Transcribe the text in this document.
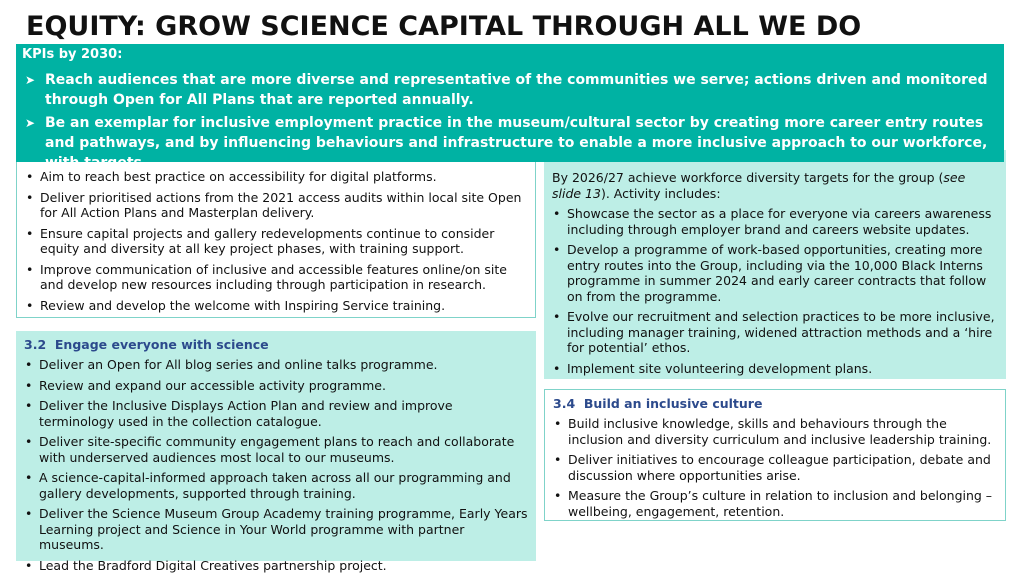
EQUITY: GROW SCIENCE CAPITAL THROUGH ALL WE DO
• Aim to reach best practice on accessibility for digital platforms.
• Deliver prioritised actions from the 2021 access audits within local site Open for All Action Plans and Masterplan delivery.
• Ensure capital projects and gallery redevelopments continue to consider equity and diversity at all key project phases, with training support.
• Improve communication of inclusive and accessible features online/on site and develop new resources including through participation in research.
• Review and develop the welcome with Inspiring Service training.
3.2 Engage everyone with science
• Deliver an Open for All blog series and online talks programme.
• Review and expand our accessible activity programme.
• Deliver the Inclusive Displays Action Plan and review and improve terminology used in the collection catalogue.
• Deliver site-specific community engagement plans to reach and collaborate with underserved audiences most local to our museums.
• A science-capital-informed approach taken across all our programming and gallery developments, supported through training.
• Deliver the Science Museum Group Academy training programme, Early Years Learning project and Science in Your World programme with partner museums.
• Lead the Bradford Digital Creatives partnership project.

By 2026/27 achieve workforce diversity targets for the group (see slide 13). Activity includes:

• Showcase the sector as a place for everyone via careers awareness including through employer brand and careers website updates.
• Develop a programme of work-based opportunities, creating more entry routes into the Group, including via the 10,000 Black Interns programme in summer 2024 and early career contracts that follow on from the programme.
• Evolve our recruitment and selection practices to be more inclusive, including manager training, widened attraction methods and a ‘hire for potential’ ethos.
• Implement site volunteering development plans.
3.4 Build an inclusive culture
• Build inclusive knowledge, skills and behaviours through the inclusion and diversity curriculum and inclusive leadership training.
• Deliver initiatives to encourage colleague participation, debate and discussion where opportunities arise.
• Measure the Group’s culture in relation to inclusion and belonging – wellbeing, engagement, retention.
KPIs by 2030:
➤ Reach audiences that are more diverse and representative of the communities we serve; actions driven and monitored through Open for All Plans that are reported annually.
➤ Be an exemplar for inclusive employment practice in the museum/cultural sector by creating more career entry routes and pathways, and by influencing behaviours and infrastructure to enable a more inclusive approach to our workforce, with targets
